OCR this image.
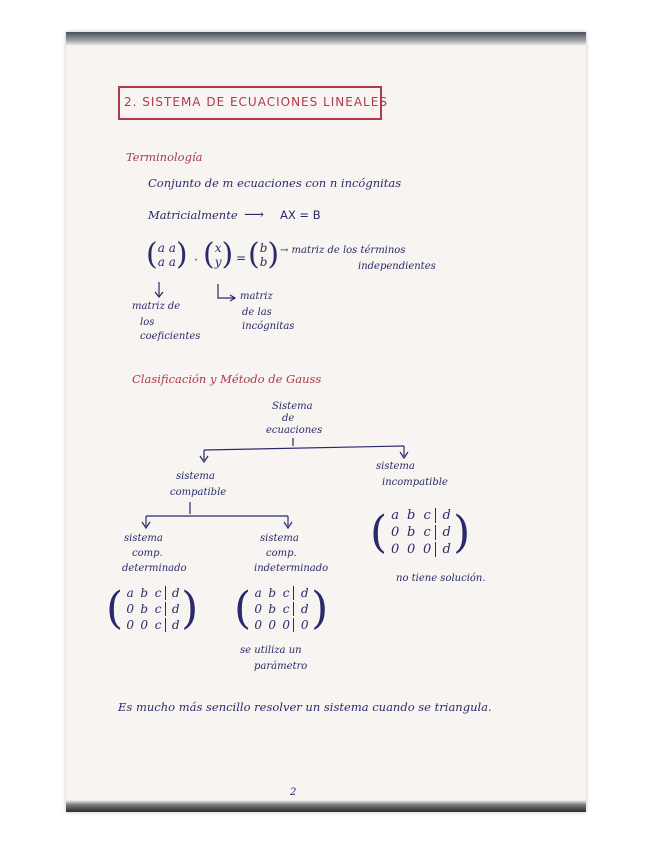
2. SISTEMA DE ECUACIONES LINEALES
Terminología
Conjunto de m ecuaciones con n incógnitas
Matricialmente ⟶ AX = B
( a a
a a ) · ( x
y ) = ( b
b ) → matriz de los términos
independientes
matriz de
los
coeficientes
matriz
de las
incógnitas
Clasificación y Método de Gauss
Sistema
de
ecuaciones
sistema
compatible
sistema
incompatible
sistema
comp.
determinado
sistema
comp.
indeterminado
( a b c d
0 b c d
0 0 0 d )
no tiene solución.
( a b c d
0 b c d
0 0 c d ) ( a b c d
0 b c d
0 0 0 0 )
se utiliza un
parámetro
Es mucho más sencillo resolver un sistema cuando se triangula.
2
